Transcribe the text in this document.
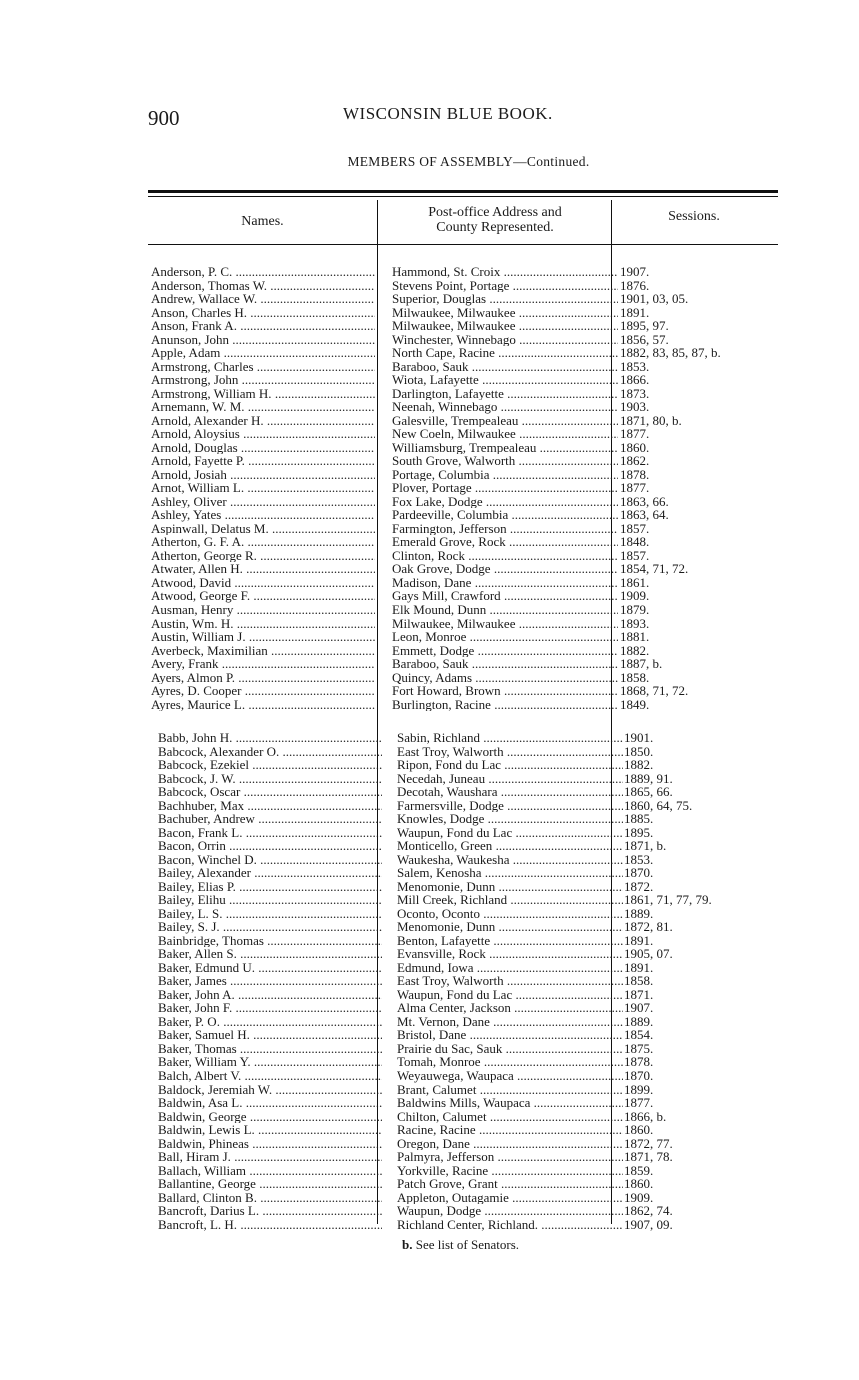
900	WISCONSIN BLUE BOOK.
MEMBERS OF ASSEMBLY—Continued.
Names.
Post-office Address and
County Represented.
Sessions.
Anderson, P. C. .....	Hammond, St. Croix .....	1907.
Anderson, Thomas W. .....	Stevens Point, Portage .....	1876.
Andrew, Wallace W. .....	Superior, Douglas .....	1901, 03, 05.
Anson, Charles H. .....	Milwaukee, Milwaukee .....	1891.
Anson, Frank A. .....	Milwaukee, Milwaukee .....	1895, 97.
Anunson, John .....	Winchester, Winnebago .....	1856, 57.
Apple, Adam .....	North Cape, Racine .....	1882, 83, 85, 87, b.
Armstrong, Charles .....	Baraboo, Sauk .....	1853.
Armstrong, John .....	Wiota, Lafayette .....	1866.
Armstrong, William H. .....	Darlington, Lafayette .....	1873.
Arnemann, W. M. .....	Neenah, Winnebago .....	1903.
Arnold, Alexander H. .....	Galesville, Trempealeau .....	1871, 80, b.
Arnold, Aloysius .....	New Coeln, Milwaukee .....	1877.
Arnold, Douglas .....	Williamsburg, Trempealeau .....	1860.
Arnold, Fayette P. .....	South Grove, Walworth .....	1862.
Arnold, Josiah .....	Portage, Columbia .....	1878.
Arnot, William L. .....	Plover, Portage .....	1877.
Ashley, Oliver .....	Fox Lake, Dodge .....	1863, 66.
Ashley, Yates .....	Pardeeville, Columbia .....	1863, 64.
Aspinwall, Delatus M. .....	Farmington, Jefferson .....	1857.
Atherton, G. F. A. .....	Emerald Grove, Rock .....	1848.
Atherton, George R. .....	Clinton, Rock .....	1857.
Atwater, Allen H. .....	Oak Grove, Dodge .....	1854, 71, 72.
Atwood, David .....	Madison, Dane .....	1861.
Atwood, George F. .....	Gays Mill, Crawford .....	1909.
Ausman, Henry .....	Elk Mound, Dunn .....	1879.
Austin, Wm. H. .....	Milwaukee, Milwaukee .....	1893.
Austin, William J. .....	Leon, Monroe .....	1881.
Averbeck, Maximilian .....	Emmett, Dodge .....	1882.
Avery, Frank .....	Baraboo, Sauk .....	1887, b.
Ayers, Almon P. .....	Quincy, Adams .....	1858.
Ayres, D. Cooper .....	Fort Howard, Brown .....	1868, 71, 72.
Ayres, Maurice L. .....	Burlington, Racine .....	1849.
Babb, John H. .....	Sabin, Richland .....	1901.
Babcock, Alexander O. .....	East Troy, Walworth .....	1850.
Babcock, Ezekiel .....	Ripon, Fond du Lac .....	1882.
Babcock, J. W. .....	Necedah, Juneau .....	1889, 91.
Babcock, Oscar .....	Decotah, Waushara .....	1865, 66.
Bachhuber, Max .....	Farmersville, Dodge .....	1860, 64, 75.
Bachuber, Andrew .....	Knowles, Dodge .....	1885.
Bacon, Frank L. .....	Waupun, Fond du Lac .....	1895.
Bacon, Orrin .....	Monticello, Green .....	1871, b.
Bacon, Winchel D. .....	Waukesha, Waukesha .....	1853.
Bailey, Alexander .....	Salem, Kenosha .....	1870.
Bailey, Elias P. .....	Menomonie, Dunn .....	1872.
Bailey, Elihu .....	Mill Creek, Richland .....	1861, 71, 77, 79.
Bailey, L. S. .....	Oconto, Oconto .....	1889.
Bailey, S. J. .....	Menomonie, Dunn .....	1872, 81.
Bainbridge, Thomas .....	Benton, Lafayette .....	1891.
Baker, Allen S. .....	Evansville, Rock .....	1905, 07.
Baker, Edmund U. .....	Edmund, Iowa .....	1891.
Baker, James .....	East Troy, Walworth .....	1858.
Baker, John A. .....	Waupun, Fond du Lac .....	1871.
Baker, John F. .....	Alma Center, Jackson .....	1907.
Baker, P. O. .....	Mt. Vernon, Dane .....	1889.
Baker, Samuel H. .....	Bristol, Dane .....	1854.
Baker, Thomas .....	Prairie du Sac, Sauk .....	1875.
Baker, William Y. .....	Tomah, Monroe .....	1878.
Balch, Albert V. .....	Weyauwega, Waupaca .....	1870.
Baldock, Jeremiah W. .....	Brant, Calumet .....	1899.
Baldwin, Asa L. .....	Baldwins Mills, Waupaca .....	1877.
Baldwin, George .....	Chilton, Calumet .....	1866, b.
Baldwin, Lewis L. .....	Racine, Racine .....	1860.
Baldwin, Phineas .....	Oregon, Dane .....	1872, 77.
Ball, Hiram J. .....	Palmyra, Jefferson .....	1871, 78.
Ballach, William .....	Yorkville, Racine .....	1859.
Ballantine, George .....	Patch Grove, Grant .....	1860.
Ballard, Clinton B. .....	Appleton, Outagamie .....	1909.
Bancroft, Darius L. .....	Waupun, Dodge .....	1862, 74.
Bancroft, L. H. .....	Richland Center, Richland. .....	1907, 09.
b. See list of Senators.
